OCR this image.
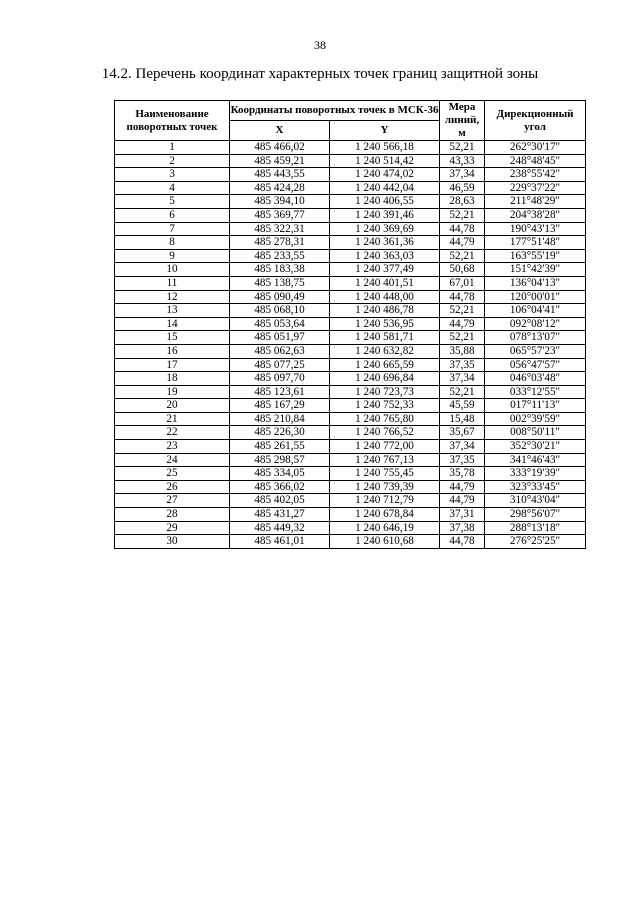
38
14.2. Перечень координат характерных точек границ защитной зоны
Наименование поворотных точек	Координаты поворотных точек в МСК-36		Мера линий, м	Дирекционный угол
	X	Y		
1	485 466,02	1 240 566,18	52,21	262°30'17"
2	485 459,21	1 240 514,42	43,33	248°48'45"
3	485 443,55	1 240 474,02	37,34	238°55'42"
4	485 424,28	1 240 442,04	46,59	229°37'22"
5	485 394,10	1 240 406,55	28,63	211°48'29"
6	485 369,77	1 240 391,46	52,21	204°38'28"
7	485 322,31	1 240 369,69	44,78	190°43'13"
8	485 278,31	1 240 361,36	44,79	177°51'48"
9	485 233,55	1 240 363,03	52,21	163°55'19"
10	485 183,38	1 240 377,49	50,68	151°42'39"
11	485 138,75	1 240 401,51	67,01	136°04'13"
12	485 090,49	1 240 448,00	44,78	120°00'01"
13	485 068,10	1 240 486,78	52,21	106°04'41"
14	485 053,64	1 240 536,95	44,79	092°08'12"
15	485 051,97	1 240 581,71	52,21	078°13'07"
16	485 062,63	1 240 632,82	35,88	065°57'23"
17	485 077,25	1 240 665,59	37,35	056°47'57"
18	485 097,70	1 240 696,84	37,34	046°03'48"
19	485 123,61	1 240 723,73	52,21	033°12'55"
20	485 167,29	1 240 752,33	45,59	017°11'13"
21	485 210,84	1 240 765,80	15,48	002°39'59"
22	485 226,30	1 240 766,52	35,67	008°50'11"
23	485 261,55	1 240 772,00	37,34	352°30'21"
24	485 298,57	1 240 767,13	37,35	341°46'43"
25	485 334,05	1 240 755,45	35,78	333°19'39"
26	485 366,02	1 240 739,39	44,79	323°33'45"
27	485 402,05	1 240 712,79	44,79	310°43'04"
28	485 431,27	1 240 678,84	37,31	298°56'07"
29	485 449,32	1 240 646,19	37,38	288°13'18"
30	485 461,01	1 240 610,68	44,78	276°25'25"
